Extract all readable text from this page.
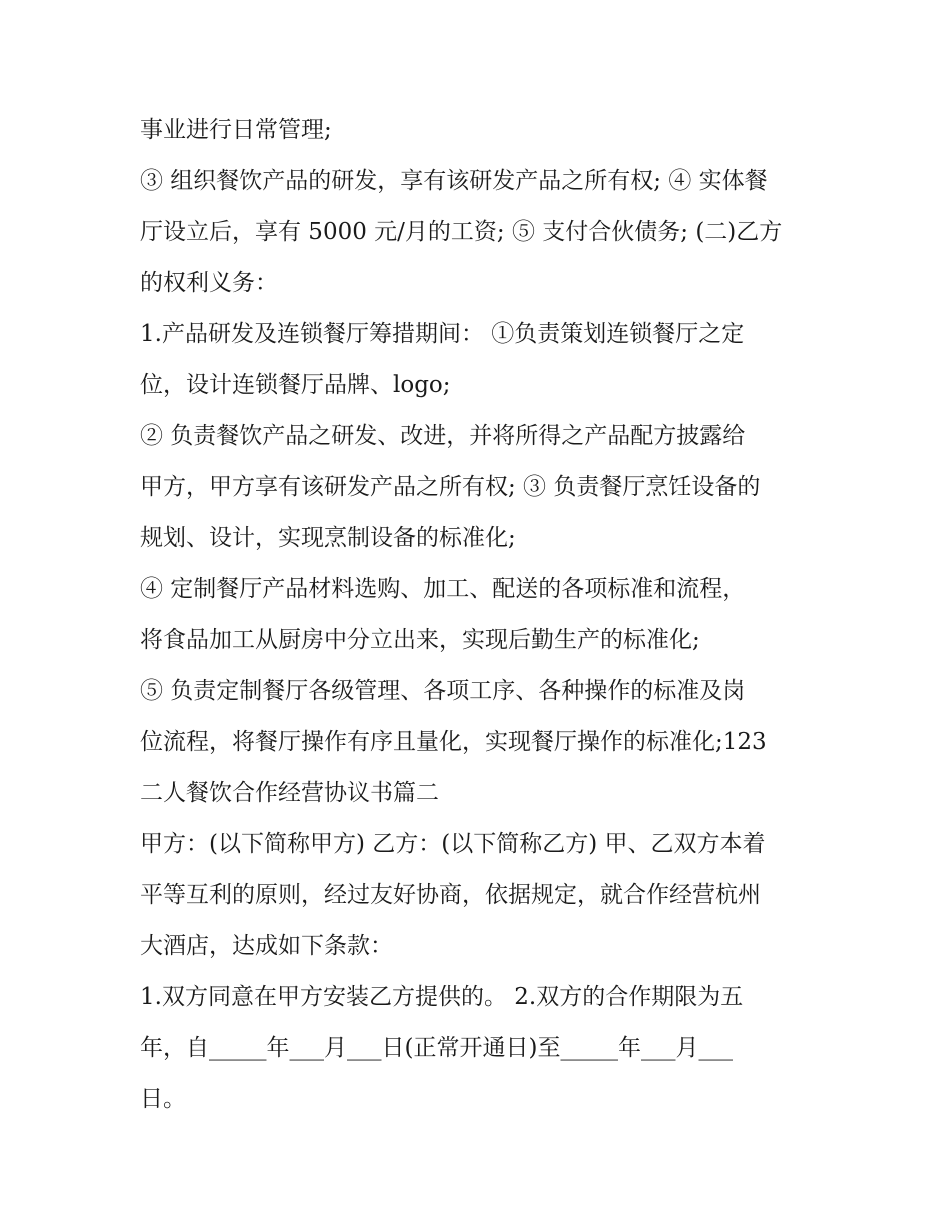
事业进行日常管理;
③ 组织餐饮产品的研发，享有该研发产品之所有权; ④ 实体餐
厅设立后，享有 5000 元/月的工资; ⑤ 支付合伙债务; (二)乙方
的权利义务：
1.产品研发及连锁餐厅筹措期间： ①负责策划连锁餐厅之定
位，设计连锁餐厅品牌、logo;
② 负责餐饮产品之研发、改进，并将所得之产品配方披露给
甲方，甲方享有该研发产品之所有权; ③ 负责餐厅烹饪设备的
规划、设计，实现烹制设备的标准化;
④ 定制餐厅产品材料选购、加工、配送的各项标准和流程，
将食品加工从厨房中分立出来，实现后勤生产的标准化;
⑤ 负责定制餐厅各级管理、各项工序、各种操作的标准及岗
位流程，将餐厅操作有序且量化，实现餐厅操作的标准化;123
二人餐饮合作经营协议书篇二
甲方：(以下简称甲方) 乙方：(以下简称乙方) 甲、乙双方本着
平等互利的原则，经过友好协商，依据规定，就合作经营杭州
大酒店，达成如下条款：
1.双方同意在甲方安装乙方提供的。 2.双方的合作期限为五
年，自_____年___月___日(正常开通日)至_____年___月___
日。
